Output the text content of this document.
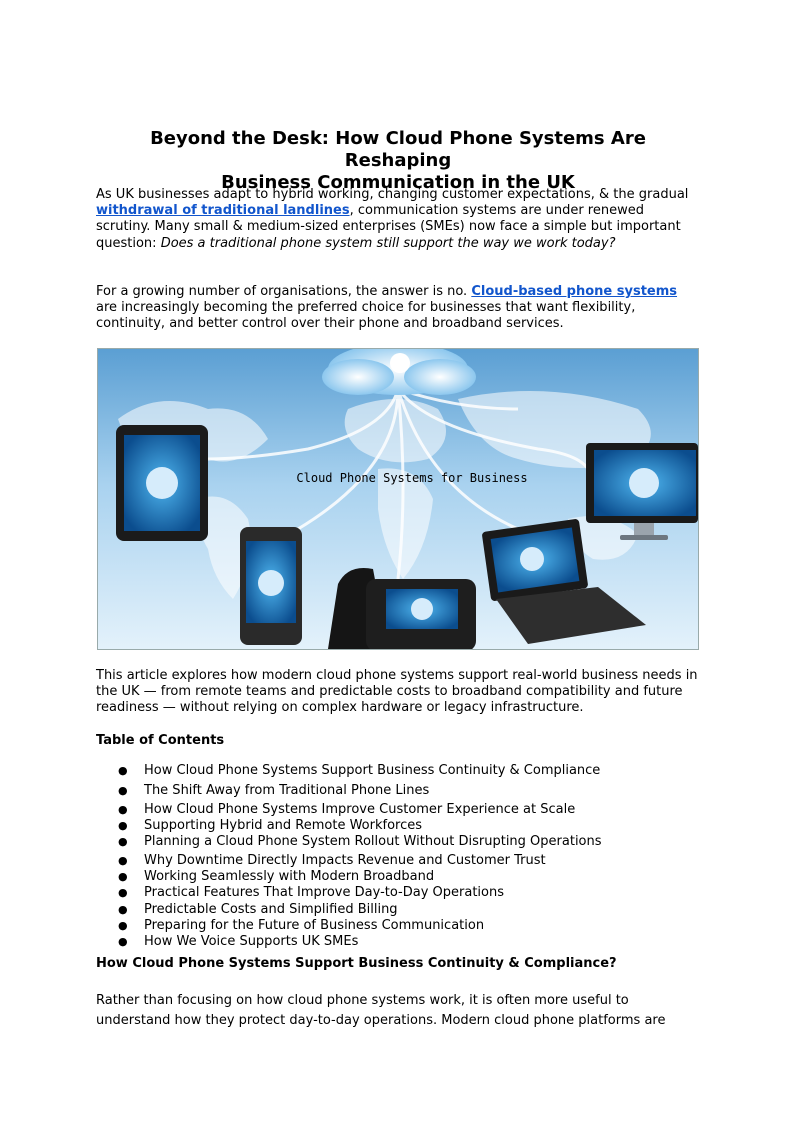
Beyond the Desk: How Cloud Phone Systems Are Reshaping
Business Communication in the UK

As UK businesses adapt to hybrid working, changing customer expectations, & the gradual withdrawal of traditional landlines, communication systems are under renewed scrutiny. Many small & medium-sized enterprises (SMEs) now face a simple but important question: Does a traditional phone system still support the way we work today?

For a growing number of organisations, the answer is no. Cloud-based phone systems are increasingly becoming the preferred choice for businesses that want flexibility, continuity, and better control over their phone and broadband services.

Cloud Phone Systems for Business

This article explores how modern cloud phone systems support real-world business needs in the UK — from remote teams and predictable costs to broadband compatibility and future readiness — without relying on complex hardware or legacy infrastructure.

Table of Contents
● How Cloud Phone Systems Support Business Continuity & Compliance
● The Shift Away from Traditional Phone Lines
● How Cloud Phone Systems Improve Customer Experience at Scale
● Supporting Hybrid and Remote Workforces
● Planning a Cloud Phone System Rollout Without Disrupting Operations
● Why Downtime Directly Impacts Revenue and Customer Trust
● Working Seamlessly with Modern Broadband
● Practical Features That Improve Day-to-Day Operations
● Predictable Costs and Simplified Billing
● Preparing for the Future of Business Communication
● How We Voice Supports UK SMEs
How Cloud Phone Systems Support Business Continuity & Compliance?

Rather than focusing on how cloud phone systems work, it is often more useful to

understand how they protect day-to-day operations. Modern cloud phone platforms are
